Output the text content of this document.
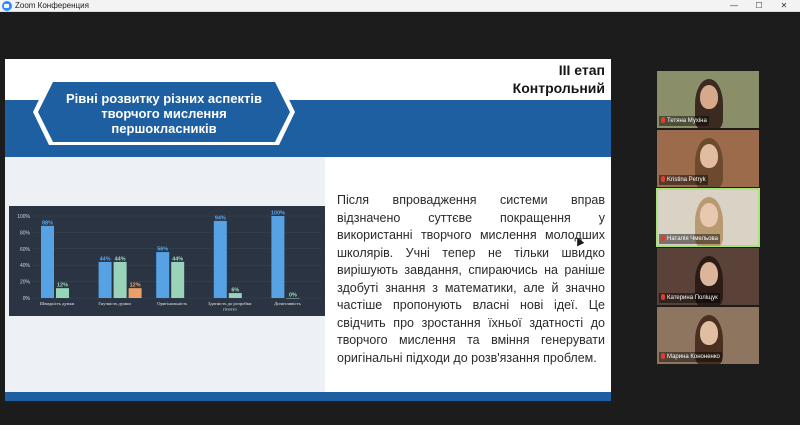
Zoom Конференция	—	☐	✕
III етап
Контрольний
Рівні розвитку різних аспектів творчого мислення першокласників
0%
20%
40%
60%
80%
100%
88%
12%
Швидкість думки
44% 44%
12%
Гнучкість думки
56%
44%
Оригінальність
94%
6%
Здатність до розробки
гіпотез
100%
0%
Допитливість
Після впровадження системи вправ відзначено суттєве покращення у використанні творчого мислення молодших школярів. Учні тепер не тільки швидко вирішують завдання, спираючись на раніше здобуті знання з математики, але й значно частіше пропонують власні нові ідеї. Це свідчить про зростання їхньої здатності до творчого мислення та вміння генерувати оригінальні підходи до розв'язання проблем.
Тетяна Мухіна
Kristina Petryk
Наталія Чмельова
Катерина Поліщук
Марина Кононенко
